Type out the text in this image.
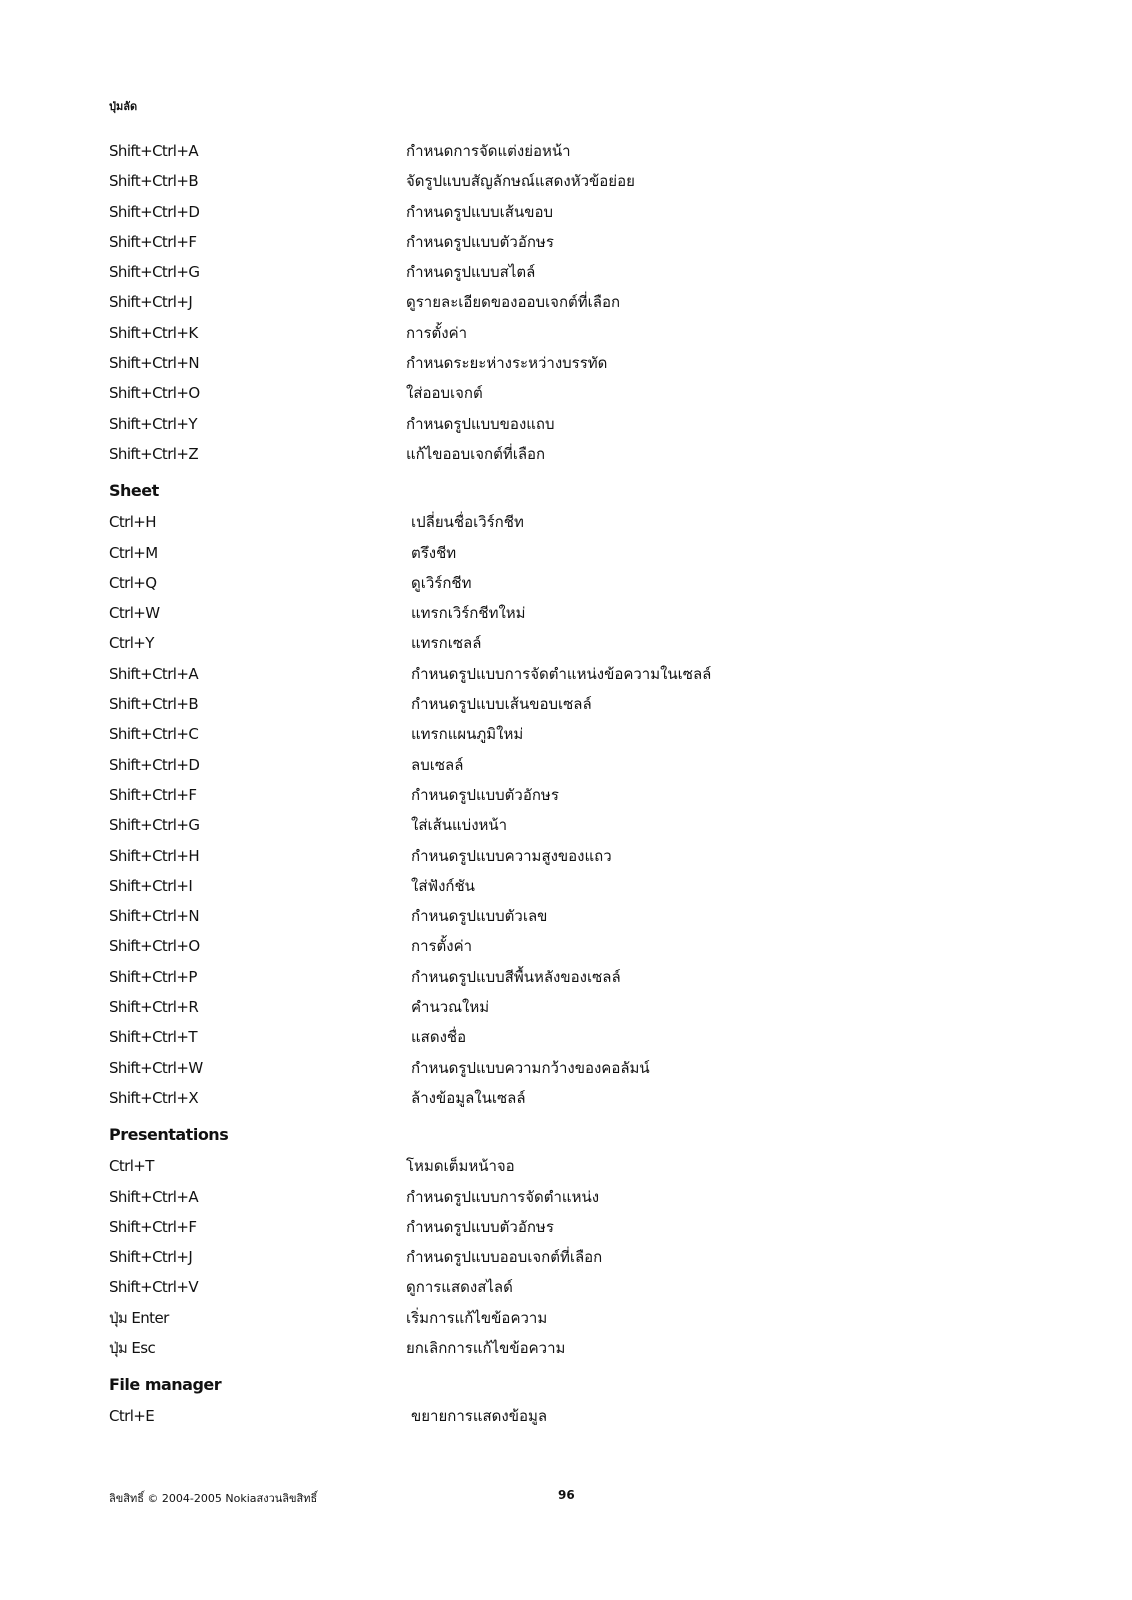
ปุ่มลัด
Shift+Ctrl+A	กำหนดการจัดแต่งย่อหน้า
Shift+Ctrl+B	จัดรูปแบบสัญลักษณ์แสดงหัวข้อย่อย
Shift+Ctrl+D	กำหนดรูปแบบเส้นขอบ
Shift+Ctrl+F	กำหนดรูปแบบตัวอักษร
Shift+Ctrl+G	กำหนดรูปแบบสไตล์
Shift+Ctrl+J	ดูรายละเอียดของออบเจกต์ที่เลือก
Shift+Ctrl+K	การตั้งค่า
Shift+Ctrl+N	กำหนดระยะห่างระหว่างบรรทัด
Shift+Ctrl+O	ใส่ออบเจกต์
Shift+Ctrl+Y	กำหนดรูปแบบของแถบ
Shift+Ctrl+Z	แก้ไขออบเจกต์ที่เลือก
Sheet
Ctrl+H	เปลี่ยนชื่อเวิร์กชีท
Ctrl+M	ตรึงชีท
Ctrl+Q	ดูเวิร์กชีท
Ctrl+W	แทรกเวิร์กชีทใหม่
Ctrl+Y	แทรกเซลล์
Shift+Ctrl+A	กำหนดรูปแบบการจัดตำแหน่งข้อความในเซลล์
Shift+Ctrl+B	กำหนดรูปแบบเส้นขอบเซลล์
Shift+Ctrl+C	แทรกแผนภูมิใหม่
Shift+Ctrl+D	ลบเซลล์
Shift+Ctrl+F	กำหนดรูปแบบตัวอักษร
Shift+Ctrl+G	ใส่เส้นแบ่งหน้า
Shift+Ctrl+H	กำหนดรูปแบบความสูงของแถว
Shift+Ctrl+I	ใส่ฟังก์ชัน
Shift+Ctrl+N	กำหนดรูปแบบตัวเลข
Shift+Ctrl+O	การตั้งค่า
Shift+Ctrl+P	กำหนดรูปแบบสีพื้นหลังของเซลล์
Shift+Ctrl+R	คำนวณใหม่
Shift+Ctrl+T	แสดงชื่อ
Shift+Ctrl+W	กำหนดรูปแบบความกว้างของคอลัมน์
Shift+Ctrl+X	ล้างข้อมูลในเซลล์
Presentations
Ctrl+T	โหมดเต็มหน้าจอ
Shift+Ctrl+A	กำหนดรูปแบบการจัดตำแหน่ง
Shift+Ctrl+F	กำหนดรูปแบบตัวอักษร
Shift+Ctrl+J	กำหนดรูปแบบออบเจกต์ที่เลือก
Shift+Ctrl+V	ดูการแสดงสไลด์
ปุ่ม Enter	เริ่มการแก้ไขข้อความ
ปุ่ม Esc	ยกเลิกการแก้ไขข้อความ
File manager
Ctrl+E	ขยายการแสดงข้อมูล
ลิขสิทธิ์ © 2004-2005 Nokiaสงวนลิขสิทธิ์	96
